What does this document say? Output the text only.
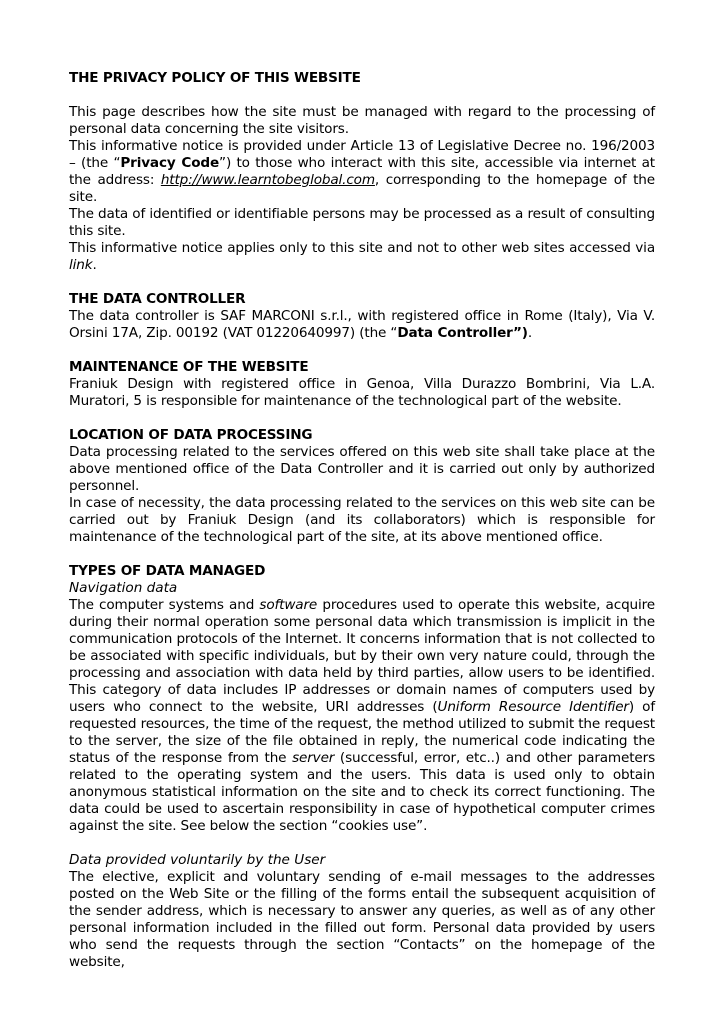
THE PRIVACY POLICY OF THIS WEBSITE

This page describes how the site must be managed with regard to the processing of personal data concerning the site visitors.

This informative notice is provided under Article 13 of Legislative Decree no. 196/2003 – (the “Privacy Code”) to those who interact with this site, accessible via internet at the address: http://www.learntobeglobal.com, corresponding to the homepage of the site.

The data of identified or identifiable persons may be processed as a result of consulting this site.

This informative notice applies only to this site and not to other web sites accessed via link.

THE DATA CONTROLLER

The data controller is SAF MARCONI s.r.l., with registered office in Rome (Italy), Via V. Orsini 17A, Zip. 00192 (VAT 01220640997) (the “Data Controller”).

MAINTENANCE OF THE WEBSITE

Franiuk Design with registered office in Genoa, Villa Durazzo Bombrini, Via L.A. Muratori, 5 is responsible for maintenance of the technological part of the website.

LOCATION OF DATA PROCESSING

Data processing related to the services offered on this web site shall take place at the above mentioned office of the Data Controller and it is carried out only by authorized personnel.

In case of necessity, the data processing related to the services on this web site can be carried out by Franiuk Design (and its collaborators) which is responsible for maintenance of the technological part of the site, at its above mentioned office.

TYPES OF DATA MANAGED

Navigation data

The computer systems and software procedures used to operate this website, acquire during their normal operation some personal data which transmission is implicit in the communication protocols of the Internet. It concerns information that is not collected to be associated with specific individuals, but by their own very nature could, through the processing and association with data held by third parties, allow users to be identified. This category of data includes IP addresses or domain names of computers used by users who connect to the website, URI addresses (Uniform Resource Identifier) of requested resources, the time of the request, the method utilized to submit the request to the server, the size of the file obtained in reply, the numerical code indicating the status of the response from the server (successful, error, etc..) and other parameters related to the operating system and the users. This data is used only to obtain anonymous statistical information on the site and to check its correct functioning. The data could be used to ascertain responsibility in case of hypothetical computer crimes against the site. See below the section “cookies use”.

Data provided voluntarily by the User

The elective, explicit and voluntary sending of e-mail messages to the addresses posted on the Web Site or the filling of the forms entail the subsequent acquisition of the sender address, which is necessary to answer any queries, as well as of any other personal information included in the filled out form. Personal data provided by users who send the requests through the section “Contacts” on the homepage of the website,
